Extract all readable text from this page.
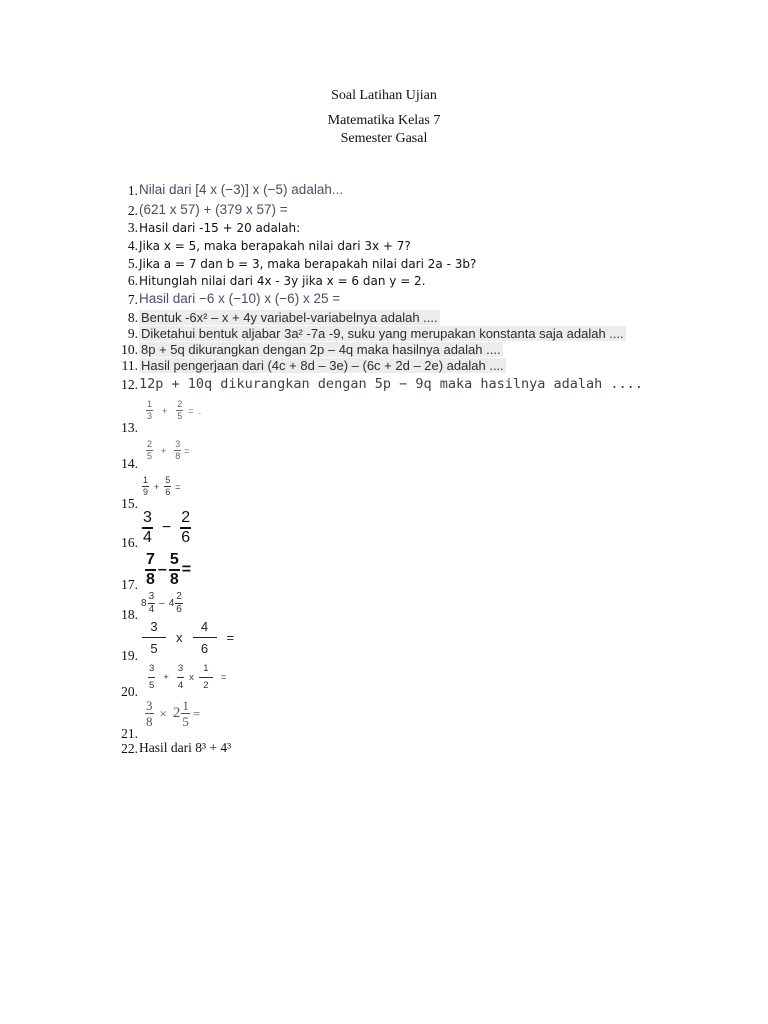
Soal Latihan Ujian
Matematika Kelas 7
Semester Gasal
1. Nilai dari [4 x (−3)] x (−5) adalah...
2. (621 x 57) + (379 x 57) =
3. Hasil dari -15 + 20 adalah:
4. Jika x = 5, maka berapakah nilai dari 3x + 7?
5. Jika a = 7 dan b = 3, maka berapakah nilai dari 2a - 3b?
6. Hitunglah nilai dari 4x - 3y jika x = 6 dan y = 2.
7. Hasil dari −6 x (−10) x (−6) x 25 =
8. Bentuk -6x² – x + 4y variabel-variabelnya adalah ....
9. Diketahui bentuk aljabar 3a² -7a -9, suku yang merupakan konstanta saja adalah ....
10. 8p + 5q dikurangkan dengan 2p – 4q maka hasilnya adalah ....
11. Hasil pengerjaan dari (4c + 8d – 3e) – (6c + 2d – 2e) adalah ....
12. 12p + 10q dikurangkan dengan 5p − 9q maka hasilnya adalah ....
13.
1
3
+
2
5
= .
14.
2
5
+
3
8
=
15.
1
9
+
5
6
=
16.
3
4
−
2
6
17.
7
8
–
5
8
=
18.
8
3
4
– 4
2
6
19.
3
5
x
4
6
=
20.
3
5
+
3
4
x
1
2
=
21.
3
8
× 2 1
5
=
22. Hasil dari 8³ + 4³
